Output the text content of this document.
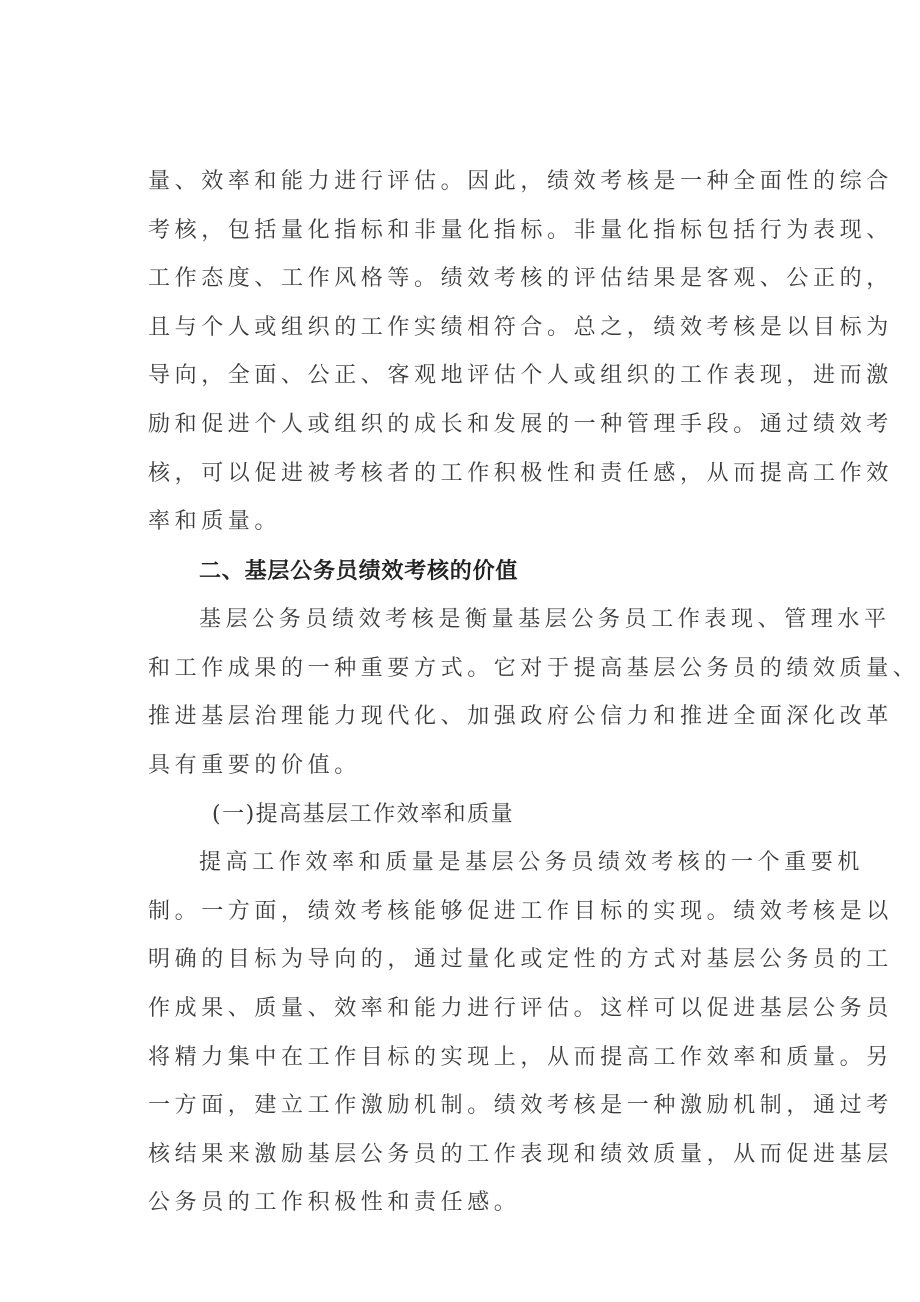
量、效率和能力进行评估。因此，绩效考核是一种全面性的综合
考核，包括量化指标和非量化指标。非量化指标包括行为表现、
工作态度、工作风格等。绩效考核的评估结果是客观、公正的，
且与个人或组织的工作实绩相符合。总之，绩效考核是以目标为
导向，全面、公正、客观地评估个人或组织的工作表现，进而激
励和促进个人或组织的成长和发展的一种管理手段。通过绩效考
核，可以促进被考核者的工作积极性和责任感，从而提高工作效
率和质量。
二、基层公务员绩效考核的价值
基层公务员绩效考核是衡量基层公务员工作表现、管理水平
和工作成果的一种重要方式。它对于提高基层公务员的绩效质量、
推进基层治理能力现代化、加强政府公信力和推进全面深化改革
具有重要的价值。
(一)提高基层工作效率和质量
提高工作效率和质量是基层公务员绩效考核的一个重要机
制。一方面，绩效考核能够促进工作目标的实现。绩效考核是以
明确的目标为导向的，通过量化或定性的方式对基层公务员的工
作成果、质量、效率和能力进行评估。这样可以促进基层公务员
将精力集中在工作目标的实现上，从而提高工作效率和质量。另
一方面，建立工作激励机制。绩效考核是一种激励机制，通过考
核结果来激励基层公务员的工作表现和绩效质量，从而促进基层
公务员的工作积极性和责任感。
